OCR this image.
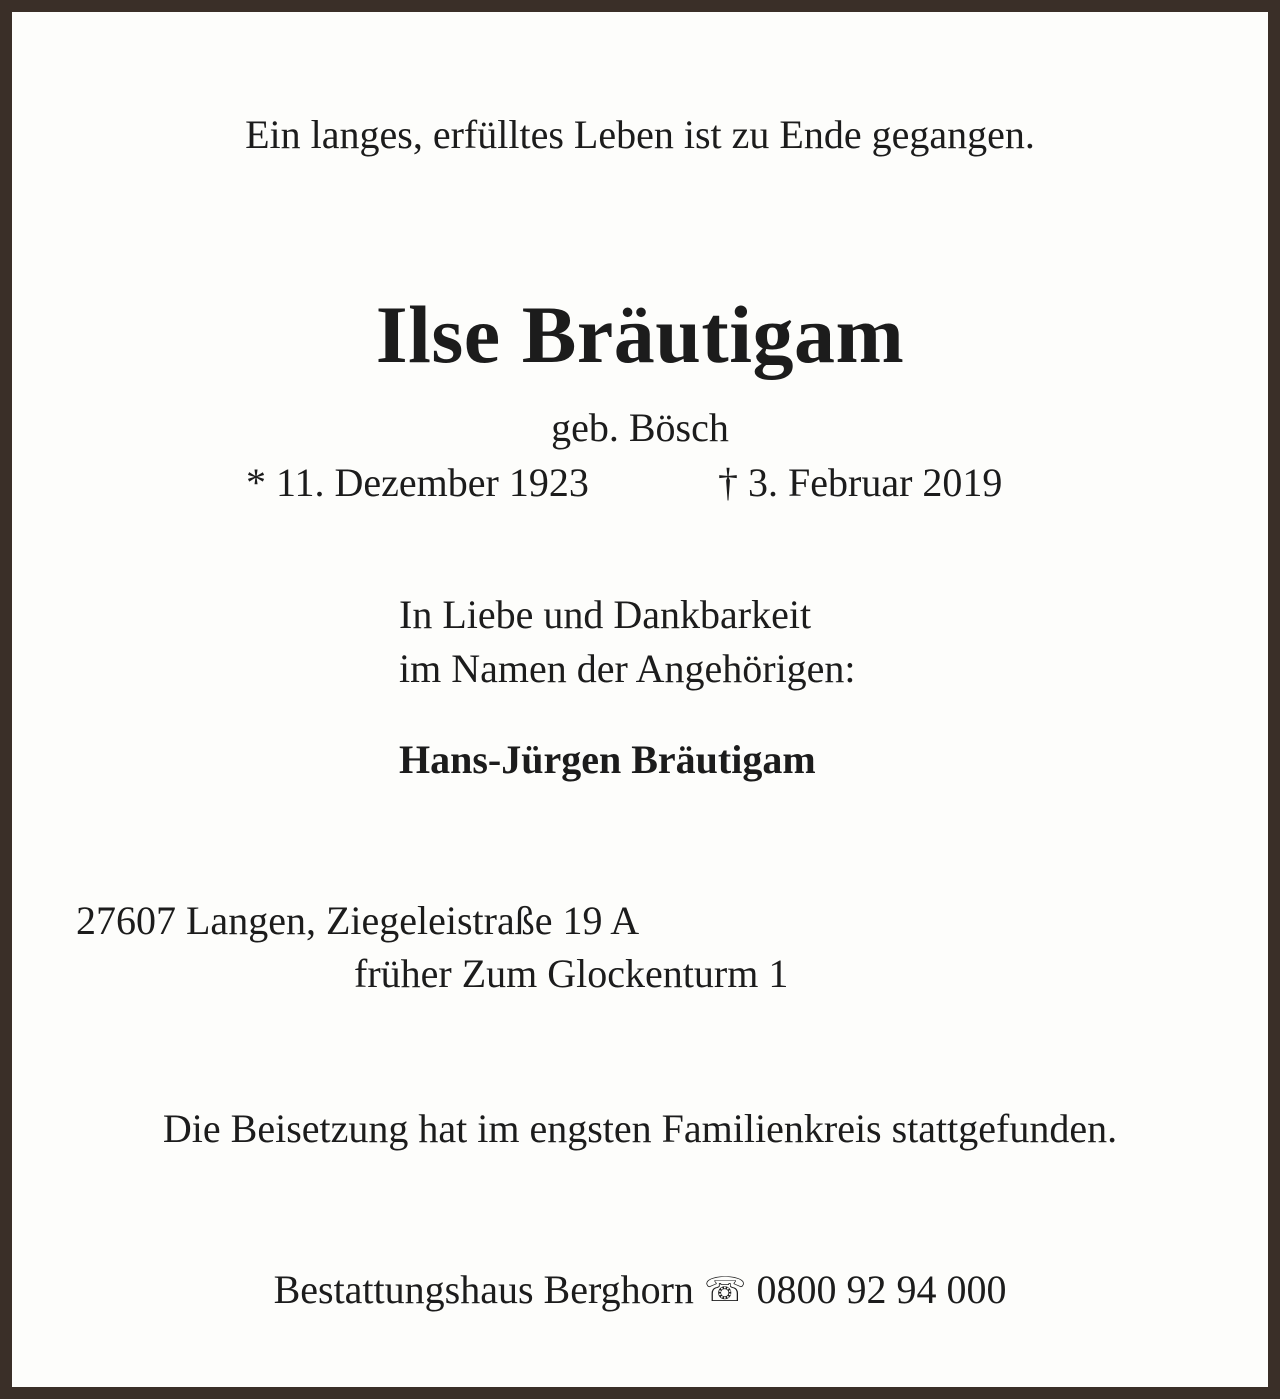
Ein langes, erfülltes Leben ist zu Ende gegangen.
Ilse Bräutigam
geb. Bösch
* 11. Dezember 1923	† 3. Februar 2019
In Liebe und Dankbarkeit
im Namen der Angehörigen:
Hans-Jürgen Bräutigam
27607 Langen, Ziegeleistraße 19 A
früher Zum Glockenturm 1
Die Beisetzung hat im engsten Familienkreis stattgefunden.
Bestattungshaus Berghorn ☏ 0800 92 94 000
